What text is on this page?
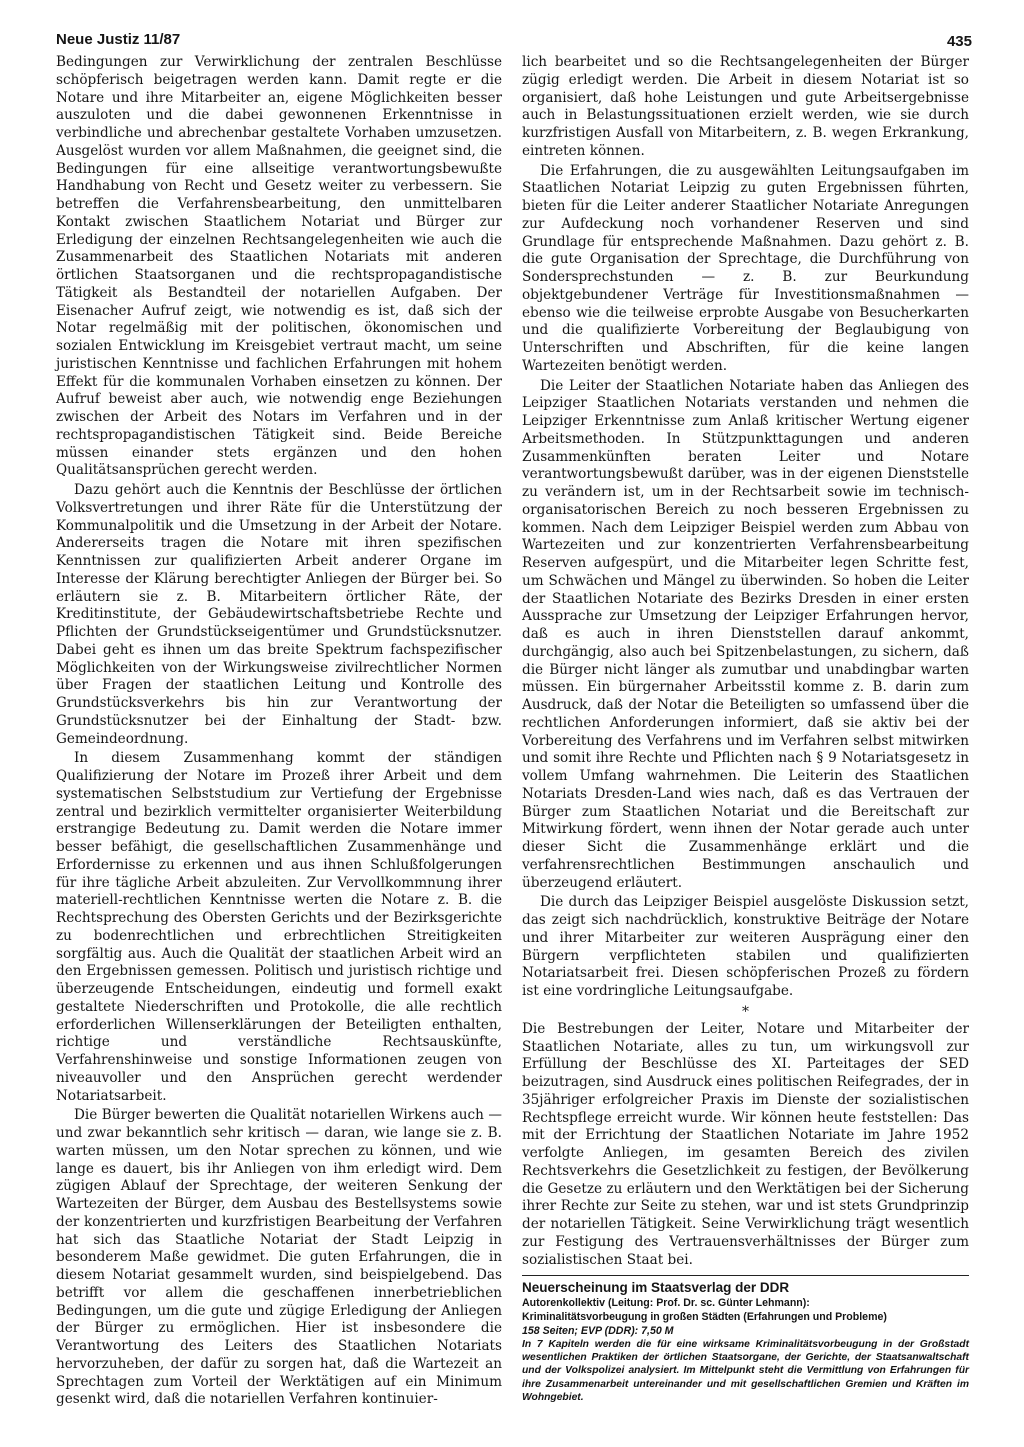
Neue Justiz 11/87	435

Bedingungen zur Verwirklichung der zentralen Beschlüsse schöpferisch beigetragen werden kann. Damit regte er die Notare und ihre Mitarbeiter an, eigene Möglichkeiten besser auszuloten und die dabei gewonnenen Erkenntnisse in verbindliche und abrechenbar gestaltete Vorhaben umzusetzen. Ausgelöst wurden vor allem Maßnahmen, die geeignet sind, die Bedingungen für eine allseitige verantwortungsbewußte Handhabung von Recht und Gesetz weiter zu verbessern. Sie betreffen die Verfahrensbearbeitung, den unmittelbaren Kontakt zwischen Staatlichem Notariat und Bürger zur Erledigung der einzelnen Rechtsangelegenheiten wie auch die Zusammenarbeit des Staatlichen Notariats mit anderen örtlichen Staatsorganen und die rechtspropagandistische Tätigkeit als Bestandteil der notariellen Aufgaben. Der Eisenacher Aufruf zeigt, wie notwendig es ist, daß sich der Notar regelmäßig mit der politischen, ökonomischen und sozialen Entwicklung im Kreisgebiet vertraut macht, um seine juristischen Kenntnisse und fachlichen Erfahrungen mit hohem Effekt für die kommunalen Vorhaben einsetzen zu können. Der Aufruf beweist aber auch, wie notwendig enge Beziehungen zwischen der Arbeit des Notars im Verfahren und in der rechtspropagandistischen Tätigkeit sind. Beide Bereiche müssen einander stets ergänzen und den hohen Qualitätsansprüchen gerecht werden.

Dazu gehört auch die Kenntnis der Beschlüsse der örtlichen Volksvertretungen und ihrer Räte für die Unterstützung der Kommunalpolitik und die Umsetzung in der Arbeit der Notare. Andererseits tragen die Notare mit ihren spezifischen Kenntnissen zur qualifizierten Arbeit anderer Organe im Interesse der Klärung berechtigter Anliegen der Bürger bei. So erläutern sie z. B. Mitarbeitern örtlicher Räte, der Kreditinstitute, der Gebäudewirtschaftsbetriebe Rechte und Pflichten der Grundstückseigentümer und Grundstücksnutzer. Dabei geht es ihnen um das breite Spektrum fachspezifischer Möglichkeiten von der Wirkungsweise zivilrechtlicher Normen über Fragen der staatlichen Leitung und Kontrolle des Grundstücksverkehrs bis hin zur Verantwortung der Grundstücksnutzer bei der Einhaltung der Stadt- bzw. Gemeindeordnung.

In diesem Zusammenhang kommt der ständigen Qualifizierung der Notare im Prozeß ihrer Arbeit und dem systematischen Selbststudium zur Vertiefung der Ergebnisse zentral und bezirklich vermittelter organisierter Weiterbildung erstrangige Bedeutung zu. Damit werden die Notare immer besser befähigt, die gesellschaftlichen Zusammenhänge und Erfordernisse zu erkennen und aus ihnen Schlußfolgerungen für ihre tägliche Arbeit abzuleiten. Zur Vervollkommnung ihrer materiell-rechtlichen Kenntnisse werten die Notare z. B. die Rechtsprechung des Obersten Gerichts und der Bezirksgerichte zu bodenrechtlichen und erbrechtlichen Streitigkeiten sorgfältig aus. Auch die Qualität der staatlichen Arbeit wird an den Ergebnissen gemessen. Politisch und juristisch richtige und überzeugende Entscheidungen, eindeutig und formell exakt gestaltete Niederschriften und Protokolle, die alle rechtlich erforderlichen Willenserklärungen der Beteiligten enthalten, richtige und verständliche Rechtsauskünfte, Verfahrenshinweise und sonstige Informationen zeugen von niveauvoller und den Ansprüchen gerecht werdender Notariatsarbeit.

Die Bürger bewerten die Qualität notariellen Wirkens auch — und zwar bekanntlich sehr kritisch — daran, wie lange sie z. B. warten müssen, um den Notar sprechen zu können, und wie lange es dauert, bis ihr Anliegen von ihm erledigt wird. Dem zügigen Ablauf der Sprechtage, der weiteren Senkung der Wartezeiten der Bürger, dem Ausbau des Bestellsystems sowie der konzentrierten und kurzfristigen Bearbeitung der Verfahren hat sich das Staatliche Notariat der Stadt Leipzig in besonderem Maße gewidmet. Die guten Erfahrungen, die in diesem Notariat gesammelt wurden, sind beispielgebend. Das betrifft vor allem die geschaffenen innerbetrieblichen Bedingungen, um die gute und zügige Erledigung der Anliegen der Bürger zu ermöglichen. Hier ist insbesondere die Verantwortung des Leiters des Staatlichen Notariats hervorzuheben, der dafür zu sorgen hat, daß die Wartezeit an Sprechtagen zum Vorteil der Werktätigen auf ein Minimum gesenkt wird, daß die notariellen Verfahren kontinuier-

lich bearbeitet und so die Rechtsangelegenheiten der Bürger zügig erledigt werden. Die Arbeit in diesem Notariat ist so organisiert, daß hohe Leistungen und gute Arbeitsergebnisse auch in Belastungssituationen erzielt werden, wie sie durch kurzfristigen Ausfall von Mitarbeitern, z. B. wegen Erkrankung, eintreten können.

Die Erfahrungen, die zu ausgewählten Leitungsaufgaben im Staatlichen Notariat Leipzig zu guten Ergebnissen führten, bieten für die Leiter anderer Staatlicher Notariate Anregungen zur Aufdeckung noch vorhandener Reserven und sind Grundlage für entsprechende Maßnahmen. Dazu gehört z. B. die gute Organisation der Sprechtage, die Durchführung von Sondersprechstunden — z. B. zur Beurkundung objektgebundener Verträge für Investitionsmaßnahmen — ebenso wie die teilweise erprobte Ausgabe von Besucherkarten und die qualifizierte Vorbereitung der Beglaubigung von Unterschriften und Abschriften, für die keine langen Wartezeiten benötigt werden.

Die Leiter der Staatlichen Notariate haben das Anliegen des Leipziger Staatlichen Notariats verstanden und nehmen die Leipziger Erkenntnisse zum Anlaß kritischer Wertung eigener Arbeitsmethoden. In Stützpunkttagungen und anderen Zusammenkünften beraten Leiter und Notare verantwortungsbewußt darüber, was in der eigenen Dienststelle zu verändern ist, um in der Rechtsarbeit sowie im technisch-organisatorischen Bereich zu noch besseren Ergebnissen zu kommen. Nach dem Leipziger Beispiel werden zum Abbau von Wartezeiten und zur konzentrierten Verfahrensbearbeitung Reserven aufgespürt, und die Mitarbeiter legen Schritte fest, um Schwächen und Mängel zu überwinden. So hoben die Leiter der Staatlichen Notariate des Bezirks Dresden in einer ersten Aussprache zur Umsetzung der Leipziger Erfahrungen hervor, daß es auch in ihren Dienststellen darauf ankommt, durchgängig, also auch bei Spitzenbelastungen, zu sichern, daß die Bürger nicht länger als zumutbar und unabdingbar warten müssen. Ein bürgernaher Arbeitsstil komme z. B. darin zum Ausdruck, daß der Notar die Beteiligten so umfassend über die rechtlichen Anforderungen informiert, daß sie aktiv bei der Vorbereitung des Verfahrens und im Verfahren selbst mitwirken und somit ihre Rechte und Pflichten nach § 9 Notariatsgesetz in vollem Umfang wahrnehmen. Die Leiterin des Staatlichen Notariats Dresden-Land wies nach, daß es das Vertrauen der Bürger zum Staatlichen Notariat und die Bereitschaft zur Mitwirkung fördert, wenn ihnen der Notar gerade auch unter dieser Sicht die Zusammenhänge erklärt und die verfahrensrechtlichen Bestimmungen anschaulich und überzeugend erläutert.

Die durch das Leipziger Beispiel ausgelöste Diskussion setzt, das zeigt sich nachdrücklich, konstruktive Beiträge der Notare und ihrer Mitarbeiter zur weiteren Ausprägung einer den Bürgern verpflichteten stabilen und qualifizierten Notariatsarbeit frei. Diesen schöpferischen Prozeß zu fördern ist eine vordringliche Leitungsaufgabe.

*

Die Bestrebungen der Leiter, Notare und Mitarbeiter der Staatlichen Notariate, alles zu tun, um wirkungsvoll zur Erfüllung der Beschlüsse des XI. Parteitages der SED beizutragen, sind Ausdruck eines politischen Reifegrades, der in 35jähriger erfolgreicher Praxis im Dienste der sozialistischen Rechtspflege erreicht wurde. Wir können heute feststellen: Das mit der Errichtung der Staatlichen Notariate im Jahre 1952 verfolgte Anliegen, im gesamten Bereich des zivilen Rechtsverkehrs die Gesetzlichkeit zu festigen, der Bevölkerung die Gesetze zu erläutern und den Werktätigen bei der Sicherung ihrer Rechte zur Seite zu stehen, war und ist stets Grundprinzip der notariellen Tätigkeit. Seine Verwirklichung trägt wesentlich zur Festigung des Vertrauensverhältnisses der Bürger zum sozialistischen Staat bei.

Neuerscheinung im Staatsverlag der DDR
Autorenkollektiv (Leitung: Prof. Dr. sc. Günter Lehmann):
Kriminalitätsvorbeugung in großen Städten (Erfahrungen und Probleme)
158 Seiten; EVP (DDR): 7,50 M
In 7 Kapiteln werden die für eine wirksame Kriminalitätsvorbeugung in der Großstadt wesentlichen Praktiken der örtlichen Staatsorgane, der Gerichte, der Staatsanwaltschaft und der Volkspolizei analysiert. Im Mittelpunkt steht die Vermittlung von Erfahrungen für ihre Zusammenarbeit untereinander und mit gesellschaftlichen Gremien und Kräften im Wohngebiet.
